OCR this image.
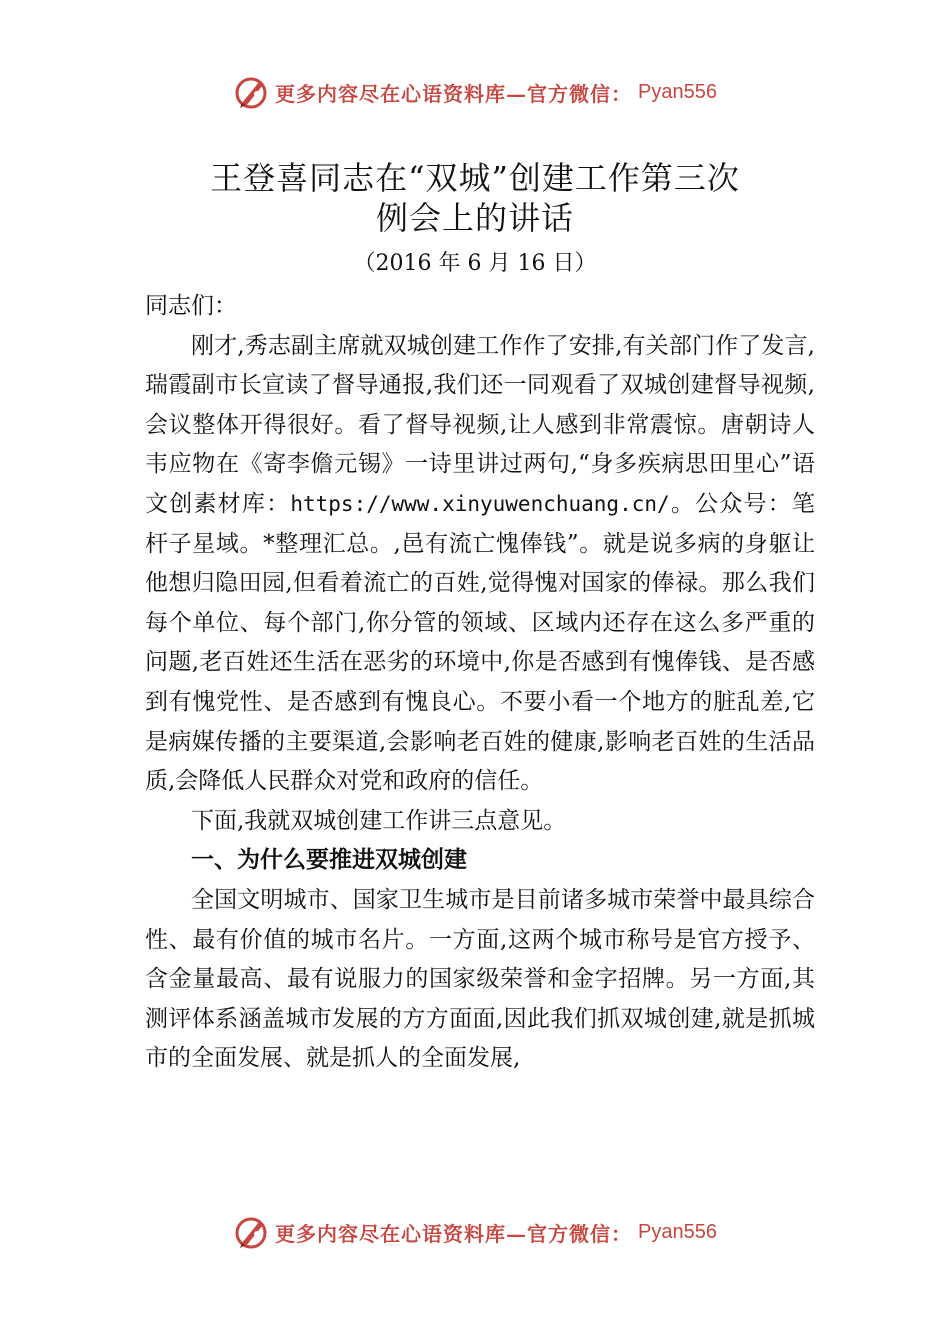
更多内容尽在心语资料库—官方微信： Pyan556
王登喜同志在“双城”创建工作第三次
例会上的讲话
（2016 年 6 月 16 日）

同志们：

刚才,秀志副主席就双城创建工作作了安排,有关部门作了发言,瑞霞副市长宣读了督导通报,我们还一同观看了双城创建督导视频,会议整体开得很好。看了督导视频,让人感到非常震惊。唐朝诗人韦应物在《寄李儋元锡》一诗里讲过两句,“身多疾病思田里心”语文创素材库：https://www.xinyuwenchuang.cn/。公众号：笔杆子星域。*整理汇总。,邑有流亡愧俸钱”。就是说多病的身躯让他想归隐田园,但看着流亡的百姓,觉得愧对国家的俸禄。那么我们每个单位、每个部门,你分管的领域、区域内还存在这么多严重的问题,老百姓还生活在恶劣的环境中,你是否感到有愧俸钱、是否感到有愧党性、是否感到有愧良心。不要小看一个地方的脏乱差,它是病媒传播的主要渠道,会影响老百姓的健康,影响老百姓的生活品质,会降低人民群众对党和政府的信任。

下面,我就双城创建工作讲三点意见。

一、为什么要推进双城创建

全国文明城市、国家卫生城市是目前诸多城市荣誉中最具综合性、最有价值的城市名片。一方面,这两个城市称号是官方授予、含金量最高、最有说服力的国家级荣誉和金字招牌。另一方面,其测评体系涵盖城市发展的方方面面,因此我们抓双城创建,就是抓城市的全面发展、就是抓人的全面发展,

更多内容尽在心语资料库—官方微信： Pyan556
